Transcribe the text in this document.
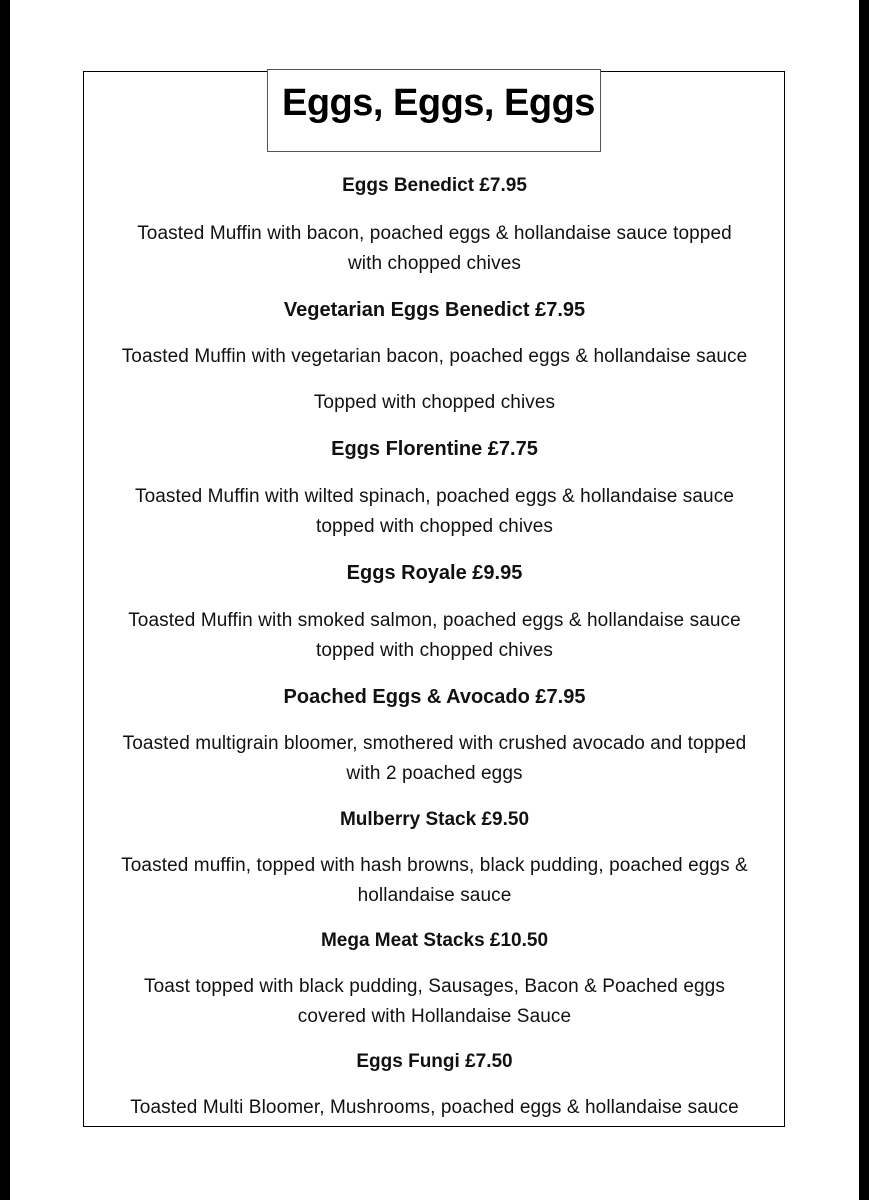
Eggs, Eggs, Eggs

Eggs Benedict £7.95

Toasted Muffin with bacon, poached eggs & hollandaise sauce topped

with chopped chives

Vegetarian Eggs Benedict £7.95

Toasted Muffin with vegetarian bacon, poached eggs & hollandaise sauce

Topped with chopped chives

Eggs Florentine £7.75

Toasted Muffin with wilted spinach, poached eggs & hollandaise sauce

topped with chopped chives

Eggs Royale £9.95

Toasted Muffin with smoked salmon, poached eggs & hollandaise sauce

topped with chopped chives

Poached Eggs & Avocado £7.95

Toasted multigrain bloomer, smothered with crushed avocado and topped

with 2 poached eggs

Mulberry Stack £9.50

Toasted muffin, topped with hash browns, black pudding, poached eggs &

hollandaise sauce

Mega Meat Stacks £10.50

Toast topped with black pudding, Sausages, Bacon & Poached eggs

covered with Hollandaise Sauce

Eggs Fungi £7.50

Toasted Multi Bloomer, Mushrooms, poached eggs & hollandaise sauce
